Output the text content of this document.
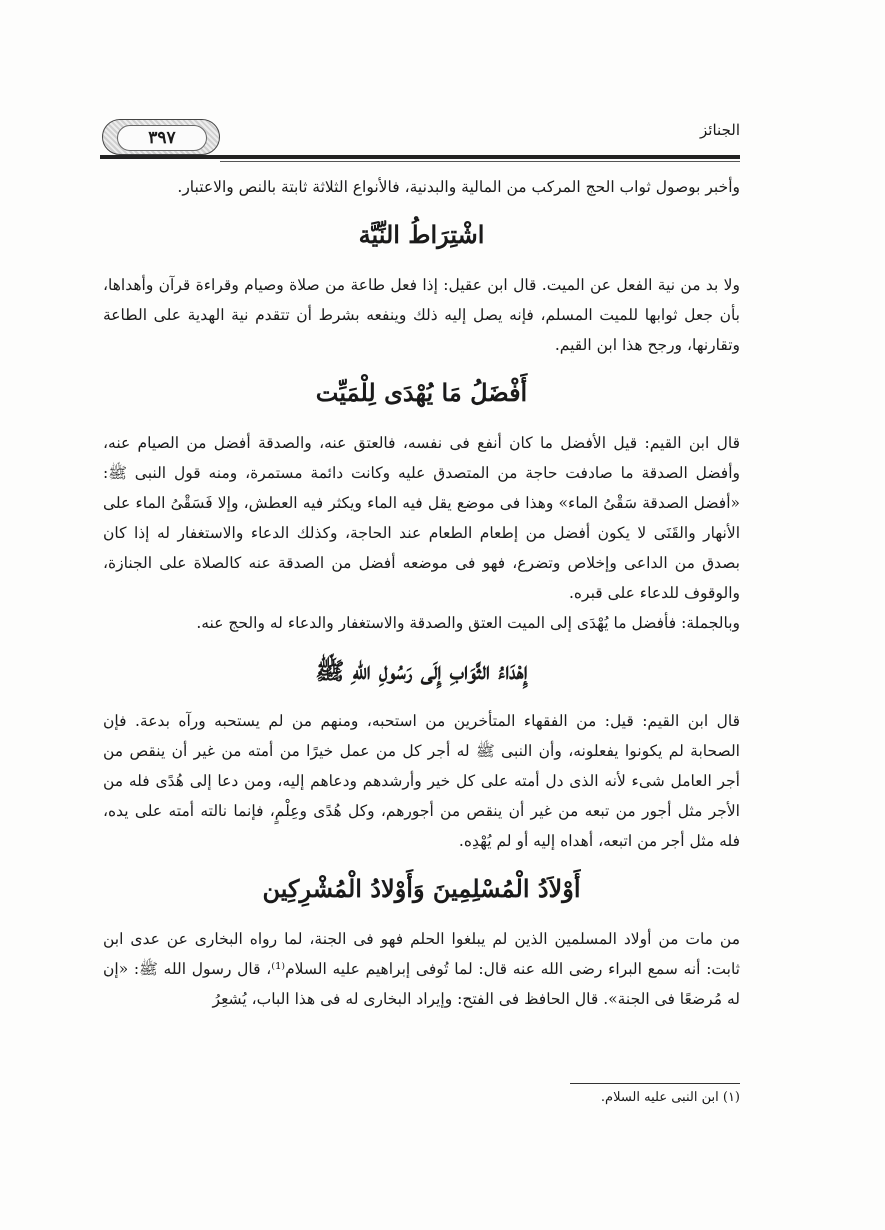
٣٩٧	الجنائز

وأخبر بوصول ثواب الحج المركب من المالية والبدنية، فالأنواع الثلاثة ثابتة بالنص والاعتبار.

اشْتِرَاطُ النِّيَّة

ولا بد من نية الفعل عن الميت. قال ابن عقيل: إذا فعل طاعة من صلاة وصيام وقراءة قرآن وأهداها، بأن جعل ثوابها للميت المسلم، فإنه يصل إليه ذلك وينفعه بشرط أن تتقدم نية الهدية على الطاعة وتقارنها، ورجح هذا ابن القيم.

أَفْضَلُ مَا يُهْدَى لِلْمَيِّت

قال ابن القيم: قيل الأفضل ما كان أنفع فى نفسه، فالعتق عنه، والصدقة أفضل من الصيام عنه، وأفضل الصدقة ما صادفت حاجة من المتصدق عليه وكانت دائمة مستمرة، ومنه قول النبى ﷺ: «أفضل الصدقة سَقْىُ الماء» وهذا فى موضع يقل فيه الماء ويكثر فيه العطش، وإلا فَسَقْىُ الماء على الأنهار والقَنَى لا يكون أفضل من إطعام الطعام عند الحاجة، وكذلك الدعاء والاستغفار له إذا كان بصدق من الداعى وإخلاص وتضرع، فهو فى موضعه أفضل من الصدقة عنه كالصلاة على الجنازة، والوقوف للدعاء على قبره.

وبالجملة: فأفضل ما يُهْدَى إلى الميت العتق والصدقة والاستغفار والدعاء له والحج عنه.

إِهْدَاءُ الثَّوَابِ إِلَى رَسُولِ اللهِ ﷺ

قال ابن القيم: قيل: من الفقهاء المتأخرين من استحبه، ومنهم من لم يستحبه ورآه بدعة. فإن الصحابة لم يكونوا يفعلونه، وأن النبى ﷺ له أجر كل من عمل خيرًا من أمته من غير أن ينقص من أجر العامل شىء لأنه الذى دل أمته على كل خير وأرشدهم ودعاهم إليه، ومن دعا إلى هُدًى فله من الأجر مثل أجور من تبعه من غير أن ينقص من أجورهم، وكل هُدًى وعِلْمٍ، فإنما نالته أمته على يده، فله مثل أجر من اتبعه، أهداه إليه أو لم يُهْدِه.

أَوْلاَدُ الْمُسْلِمِينَ وَأَوْلادُ الْمُشْرِكِين

من مات من أولاد المسلمين الذين لم يبلغوا الحلم فهو فى الجنة، لما رواه البخارى عن عدى ابن ثابت: أنه سمع البراء رضى الله عنه قال: لما تُوفى إبراهيم عليه السلام⁽¹⁾، قال رسول الله ﷺ: «إن له مُرضعًا فى الجنة». قال الحافظ فى الفتح: وإيراد البخارى له فى هذا الباب، يُشعِرُ

(١) ابن النبى عليه السلام.
